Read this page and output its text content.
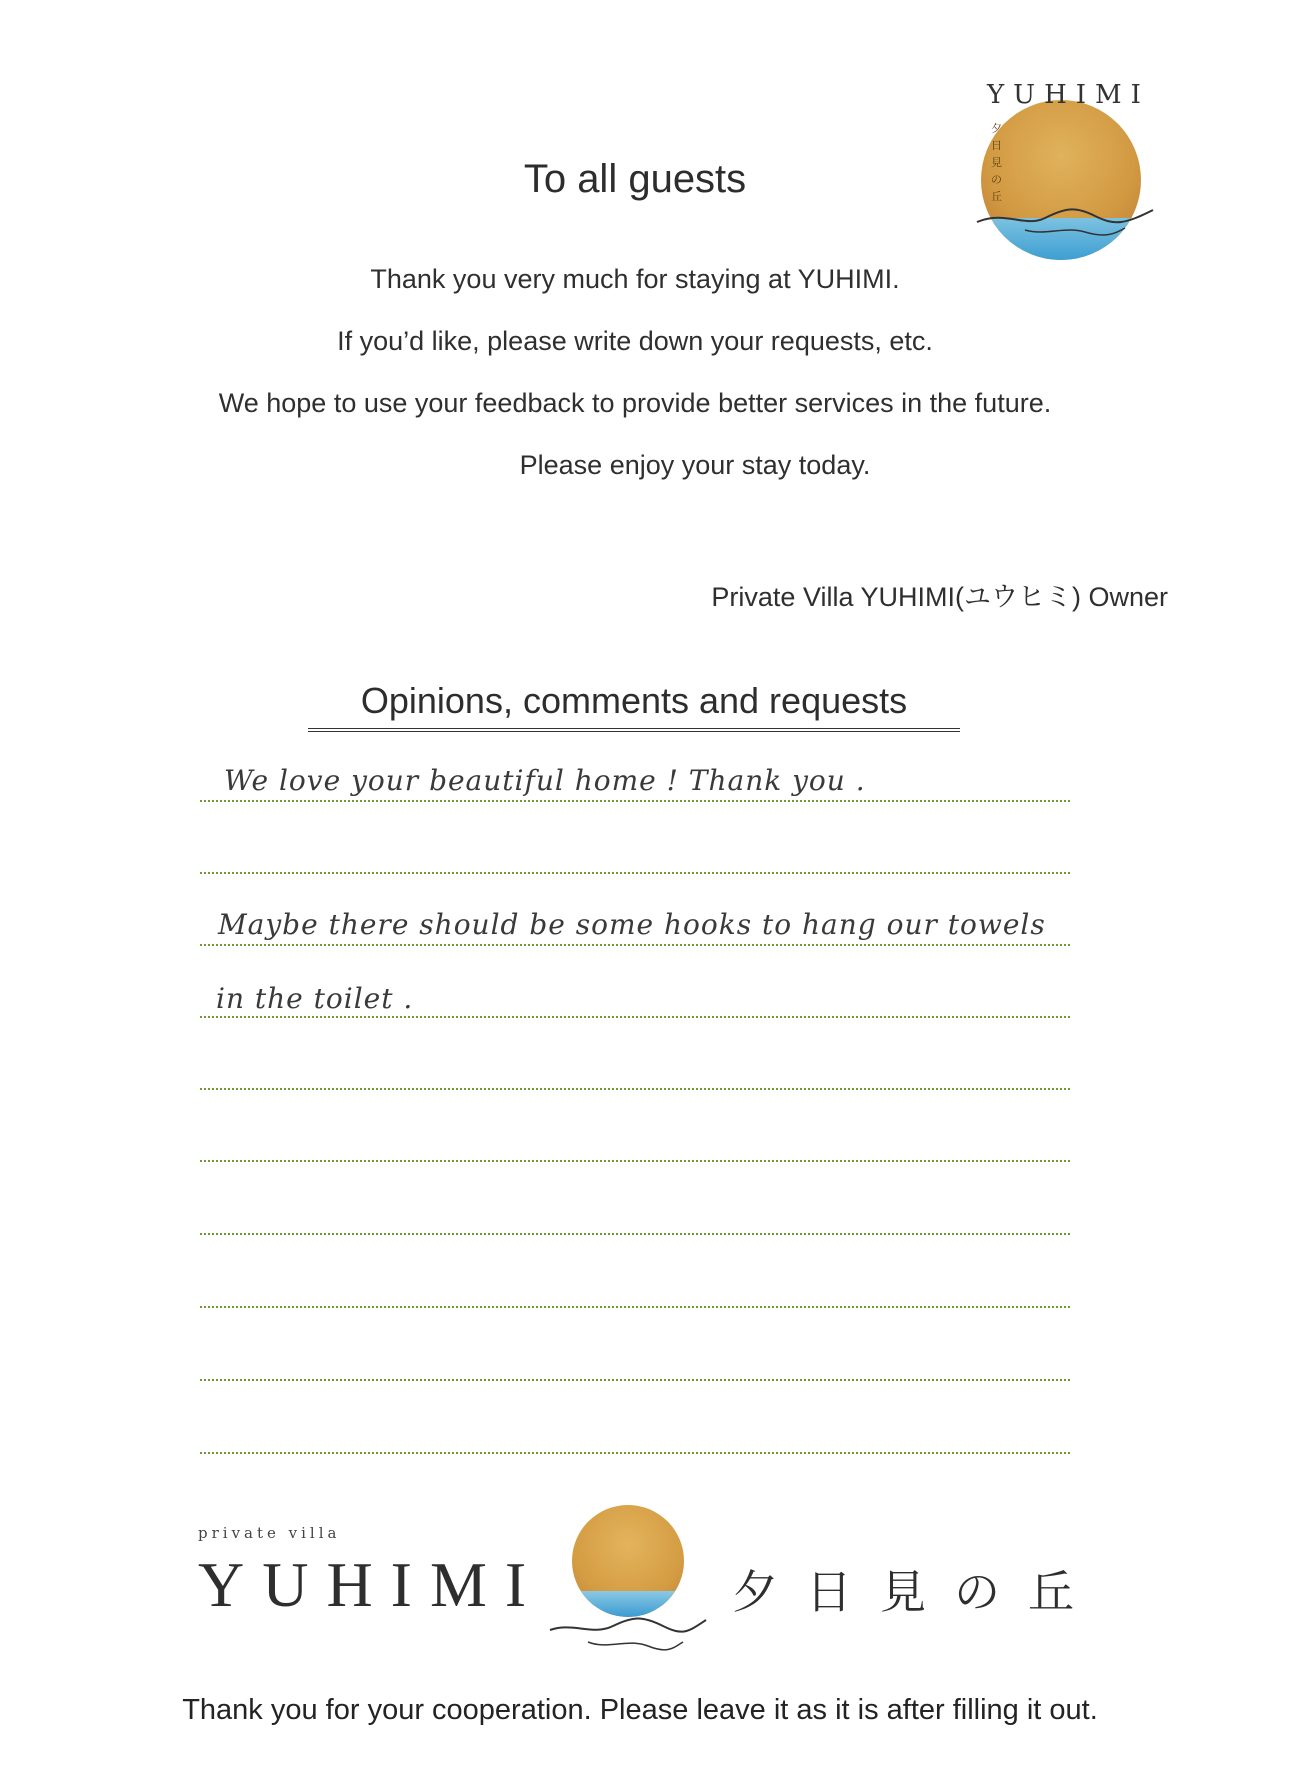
YUHIMI
夕日見の丘
To all guests
Thank you very much for staying at YUHIMI.
If you’d like, please write down your requests, etc.
We hope to use your feedback to provide better services in the future.
Please enjoy your stay today.
Private Villa YUHIMI(ユウヒミ) Owner
Opinions, comments and requests
We love your beautiful home ! Thank you .
Maybe there should be some hooks to hang our towels
in the toilet .
private villa
YUHIMI	夕日見の丘
Thank you for your cooperation. Please leave it as it is after filling it out.
